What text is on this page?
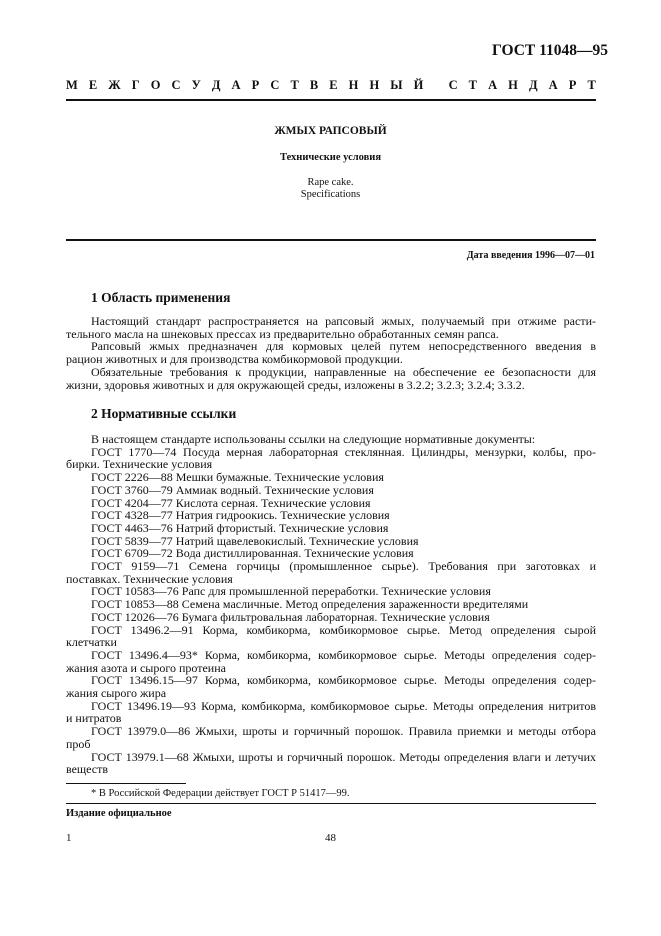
ГОСТ 11048—95
М Е Ж Г О С У Д А Р С Т В Е Н Н Ы Й
С Т А Н Д А Р Т
ЖМЫХ РАПСОВЫЙ
Технические условия
Rape cake.
Specifications
Дата введения 1996—07—01
1 Область применения
Настоящий стандарт распространяется на рапсовый жмых, получаемый при отжиме расти-
тельного масла на шнековых прессах из предварительно обработанных семян рапса.
Рапсовый жмых предназначен для кормовых целей путем непосредственного введения в
рацион животных и для производства комбикормовой продукции.
Обязательные требования к продукции, направленные на обеспечение ее безопасности для
жизни, здоровья животных и для окружающей среды, изложены в 3.2.2; 3.2.3; 3.2.4; 3.3.2.
2 Нормативные ссылки
В настоящем стандарте использованы ссылки на следующие нормативные документы:
ГОСТ 1770—74 Посуда мерная лабораторная стеклянная. Цилиндры, мензурки, колбы, про-
бирки. Технические условия
ГОСТ 2226—88 Мешки бумажные. Технические условия
ГОСТ 3760—79 Аммиак водный. Технические условия
ГОСТ 4204—77 Кислота серная. Технические условия
ГОСТ 4328—77 Натрия гидроокись. Технические условия
ГОСТ 4463—76 Натрий фтористый. Технические условия
ГОСТ 5839—77 Натрий щавелевокислый. Технические условия
ГОСТ 6709—72 Вода дистиллированная. Технические условия
ГОСТ 9159—71 Семена горчицы (промышленное сырье). Требования при заготовках и
поставках. Технические условия
ГОСТ 10583—76 Рапс для промышленной переработки. Технические условия
ГОСТ 10853—88 Семена масличные. Метод определения зараженности вредителями
ГОСТ 12026—76 Бумага фильтровальная лабораторная. Технические условия
ГОСТ 13496.2—91 Корма, комбикорма, комбикормовое сырье. Метод определения сырой
клетчатки
ГОСТ 13496.4—93* Корма, комбикорма, комбикормовое сырье. Методы определения содер-
жания азота и сырого протеина
ГОСТ 13496.15—97 Корма, комбикорма, комбикормовое сырье. Методы определения содер-
жания сырого жира
ГОСТ 13496.19—93 Корма, комбикорма, комбикормовое сырье. Методы определения нитритов
и нитратов
ГОСТ 13979.0—86 Жмыхи, шроты и горчичный порошок. Правила приемки и методы отбора
проб
ГОСТ 13979.1—68 Жмыхи, шроты и горчичный порошок. Методы определения влаги и летучих
веществ
* В Российской Федерации действует ГОСТ Р 51417—99.
Издание официальное
1	48
